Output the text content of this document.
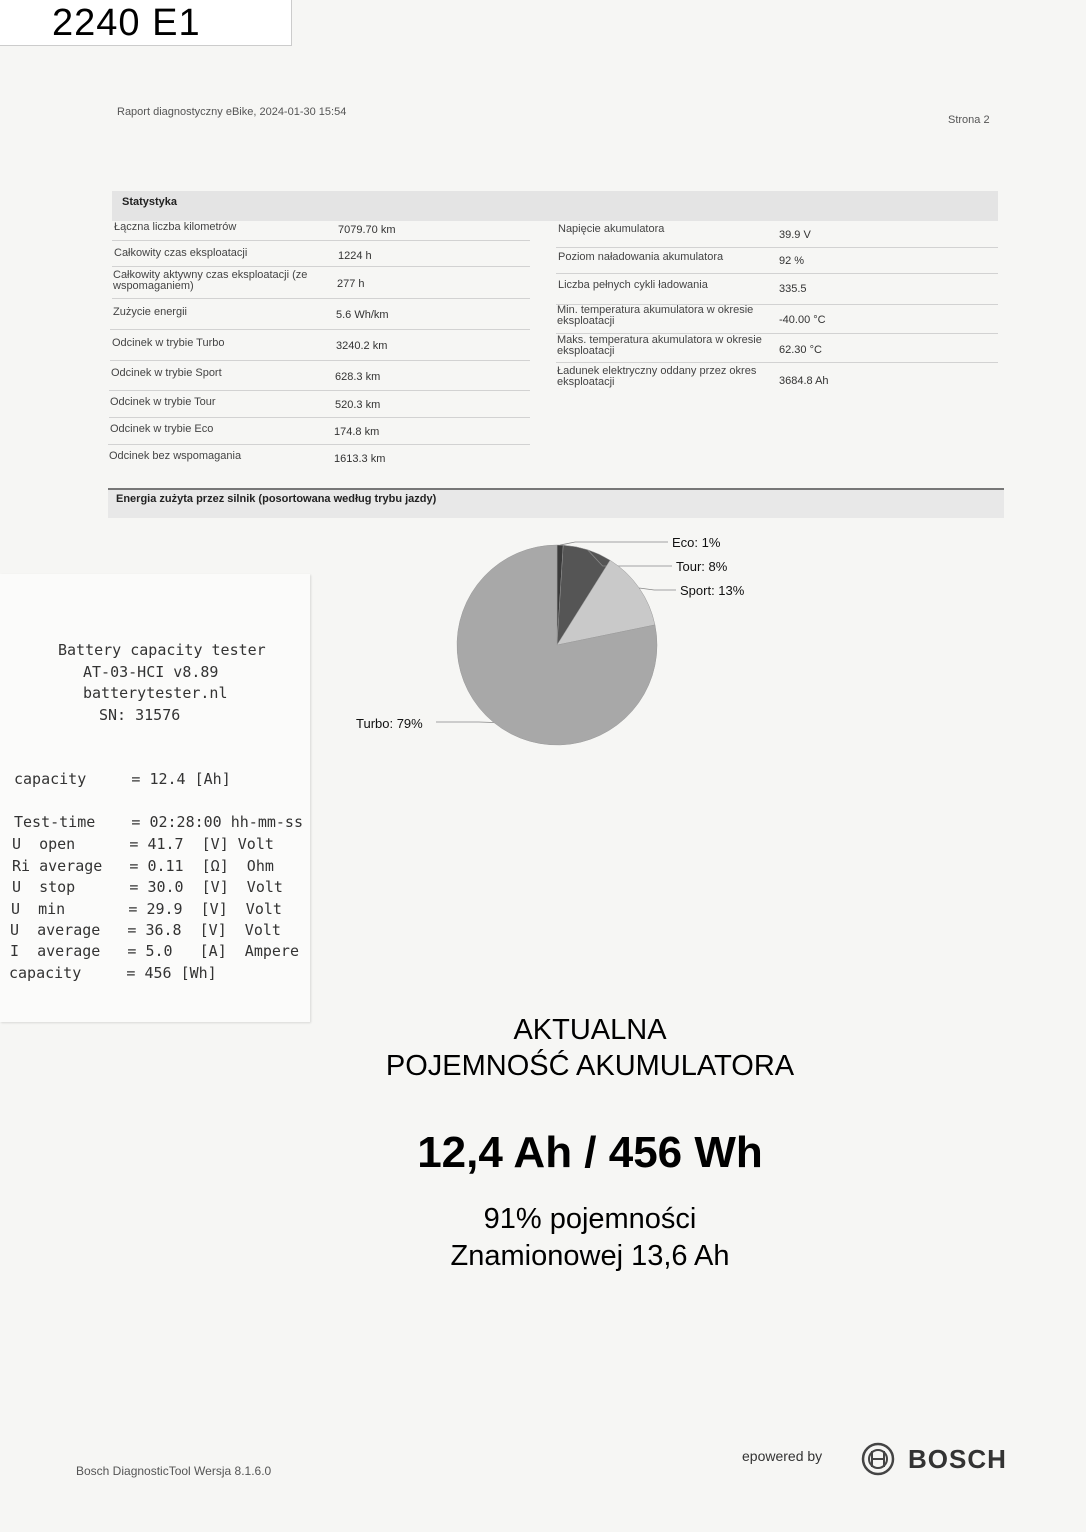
2240 E1
Raport diagnostyczny eBike, 2024-01-30 15:54
Strona 2
Statystyka
Łączna liczba kilometrów	7079.70 km
Całkowity czas eksploatacji	1224 h
Całkowity aktywny czas eksploatacji (ze wspomaganiem)	277 h
Zużycie energii	5.6 Wh/km
Odcinek w trybie Turbo	3240.2 km
Odcinek w trybie Sport	628.3 km
Odcinek w trybie Tour	520.3 km
Odcinek w trybie Eco	174.8 km
Odcinek bez wspomagania	1613.3 km
Napięcie akumulatora	39.9 V
Poziom naładowania akumulatora	92 %
Liczba pełnych cykli ładowania	335.5
Min. temperatura akumulatora w okresie eksploatacji	-40.00 °C
Maks. temperatura akumulatora w okresie eksploatacji	62.30 °C
Ładunek elektryczny oddany przez okres eksploatacji	3684.8 Ah
Energia zużyta przez silnik (posortowana według trybu jazdy)
Eco: 1%
Tour: 8%
Sport: 13%
Turbo: 79%
Battery capacity tester
AT-03-HCI v8.89
batterytester.nl
SN: 31576
capacity     = 12.4 [Ah]
Test-time    = 02:28:00 hh-mm-ss
U  open      = 41.7  [V] Volt
Ri average   = 0.11  [Ω]  Ohm
U  stop      = 30.0  [V]  Volt
U  min       = 29.9  [V]  Volt
U  average   = 36.8  [V]  Volt
I  average   = 5.0   [A]  Ampere
capacity     = 456 [Wh]
AKTUALNA
POJEMNOŚĆ AKUMULATORA
12,4 Ah / 456 Wh
91% pojemności
Znamionowej 13,6 Ah
Bosch DiagnosticTool Wersja 8.1.6.0
epowered by	BOSCH
